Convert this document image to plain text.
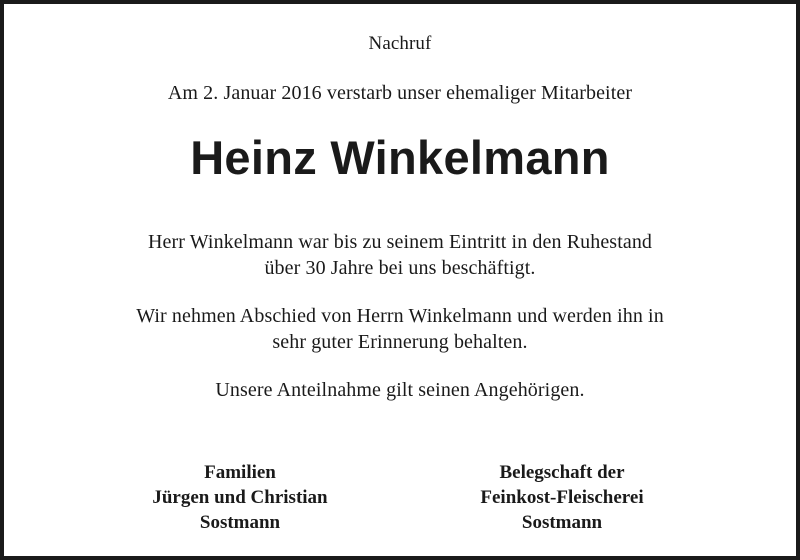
Nachruf
Am 2. Januar 2016 verstarb unser ehemaliger Mitarbeiter
Heinz Winkelmann
Herr Winkelmann war bis zu seinem Eintritt in den Ruhestand
über 30 Jahre bei uns beschäftigt.
Wir nehmen Abschied von Herrn Winkelmann und werden ihn in
sehr guter Erinnerung behalten.
Unsere Anteilnahme gilt seinen Angehörigen.
Familien
Jürgen und Christian
Sostmann
Belegschaft der
Feinkost-Fleischerei
Sostmann
